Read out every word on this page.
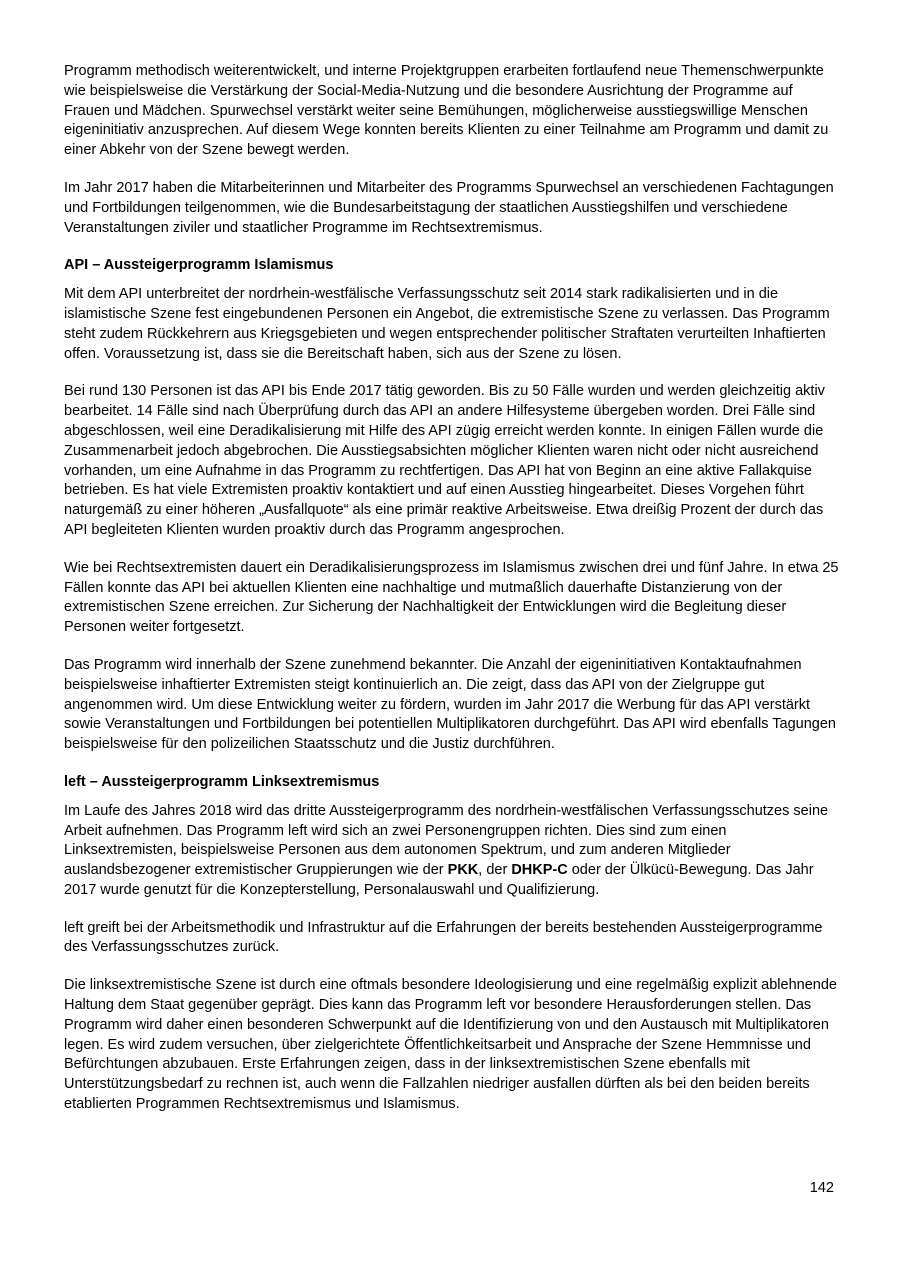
Programm methodisch weiterentwickelt, und interne Projektgruppen erarbeiten fortlaufend neue Themenschwerpunkte wie beispielsweise die Verstärkung der Social-Media-Nutzung und die besondere Ausrichtung der Programme auf Frauen und Mädchen. Spurwechsel verstärkt weiter seine Bemühungen, möglicherweise ausstiegswillige Menschen eigeninitiativ anzusprechen. Auf diesem Wege konnten bereits Klienten zu einer Teilnahme am Programm und damit zu einer Abkehr von der Szene bewegt werden.

Im Jahr 2017 haben die Mitarbeiterinnen und Mitarbeiter des Programms Spurwechsel an verschiedenen Fachtagungen und Fortbildungen teilgenommen, wie die Bundesarbeitstagung der staatlichen Ausstiegshilfen und verschiedene Veranstaltungen ziviler und staatlicher Programme im Rechtsextremismus.

API – Aussteigerprogramm Islamismus

Mit dem API unterbreitet der nordrhein-westfälische Verfassungsschutz seit 2014 stark radikalisierten und in die islamistische Szene fest eingebundenen Personen ein Angebot, die extremistische Szene zu verlassen. Das Programm steht zudem Rückkehrern aus Kriegsgebieten und wegen entsprechender politischer Straftaten verurteilten Inhaftierten offen. Voraussetzung ist, dass sie die Bereitschaft haben, sich aus der Szene zu lösen.

Bei rund 130 Personen ist das API bis Ende 2017 tätig geworden. Bis zu 50 Fälle wurden und werden gleichzeitig aktiv bearbeitet. 14 Fälle sind nach Überprüfung durch das API an andere Hilfesysteme übergeben worden. Drei Fälle sind abgeschlossen, weil eine Deradikalisierung mit Hilfe des API zügig erreicht werden konnte. In einigen Fällen wurde die Zusammenarbeit jedoch abgebrochen. Die Ausstiegsabsichten möglicher Klienten waren nicht oder nicht ausreichend vorhanden, um eine Aufnahme in das Programm zu rechtfertigen. Das API hat von Beginn an eine aktive Fallakquise betrieben. Es hat viele Extremisten proaktiv kontaktiert und auf einen Ausstieg hingearbeitet. Dieses Vorgehen führt naturgemäß zu einer höheren „Ausfallquote“ als eine primär reaktive Arbeitsweise. Etwa dreißig Prozent der durch das API begleiteten Klienten wurden proaktiv durch das Programm angesprochen.

Wie bei Rechtsextremisten dauert ein Deradikalisierungsprozess im Islamismus zwischen drei und fünf Jahre. In etwa 25 Fällen konnte das API bei aktuellen Klienten eine nachhaltige und mutmaßlich dauerhafte Distanzierung von der extremistischen Szene erreichen. Zur Sicherung der Nachhaltigkeit der Entwicklungen wird die Begleitung dieser Personen weiter fortgesetzt.

Das Programm wird innerhalb der Szene zunehmend bekannter. Die Anzahl der eigeninitiativen Kontaktaufnahmen beispielsweise inhaftierter Extremisten steigt kontinuierlich an. Die zeigt, dass das API von der Zielgruppe gut angenommen wird. Um diese Entwicklung weiter zu fördern, wurden im Jahr 2017 die Werbung für das API verstärkt sowie Veranstaltungen und Fortbildungen bei potentiellen Multiplikatoren durchgeführt. Das API wird ebenfalls Tagungen beispielsweise für den polizeilichen Staatsschutz und die Justiz durchführen.

left – Aussteigerprogramm Linksextremismus

Im Laufe des Jahres 2018 wird das dritte Aussteigerprogramm des nordrhein-westfälischen Verfassungsschutzes seine Arbeit aufnehmen. Das Programm left wird sich an zwei Personengruppen richten. Dies sind zum einen Linksextremisten, beispielsweise Personen aus dem autonomen Spektrum, und zum anderen Mitglieder auslandsbezogener extremistischer Gruppierungen wie der PKK, der DHKP-C oder der Ülkücü-Bewegung. Das Jahr 2017 wurde genutzt für die Konzepterstellung, Personalauswahl und Qualifizierung.

left greift bei der Arbeitsmethodik und Infrastruktur auf die Erfahrungen der bereits bestehenden Aussteigerprogramme des Verfassungsschutzes zurück.

Die linksextremistische Szene ist durch eine oftmals besondere Ideologisierung und eine regelmäßig explizit ablehnende Haltung dem Staat gegenüber geprägt. Dies kann das Programm left vor besondere Herausforderungen stellen. Das Programm wird daher einen besonderen Schwerpunkt auf die Identifizierung von und den Austausch mit Multiplikatoren legen. Es wird zudem versuchen, über zielgerichtete Öffentlichkeitsarbeit und Ansprache der Szene Hemmnisse und Befürchtungen abzubauen. Erste Erfahrungen zeigen, dass in der linksextremistischen Szene ebenfalls mit Unterstützungsbedarf zu rechnen ist, auch wenn die Fallzahlen niedriger ausfallen dürften als bei den beiden bereits etablierten Programmen Rechtsextremismus und Islamismus.

142
